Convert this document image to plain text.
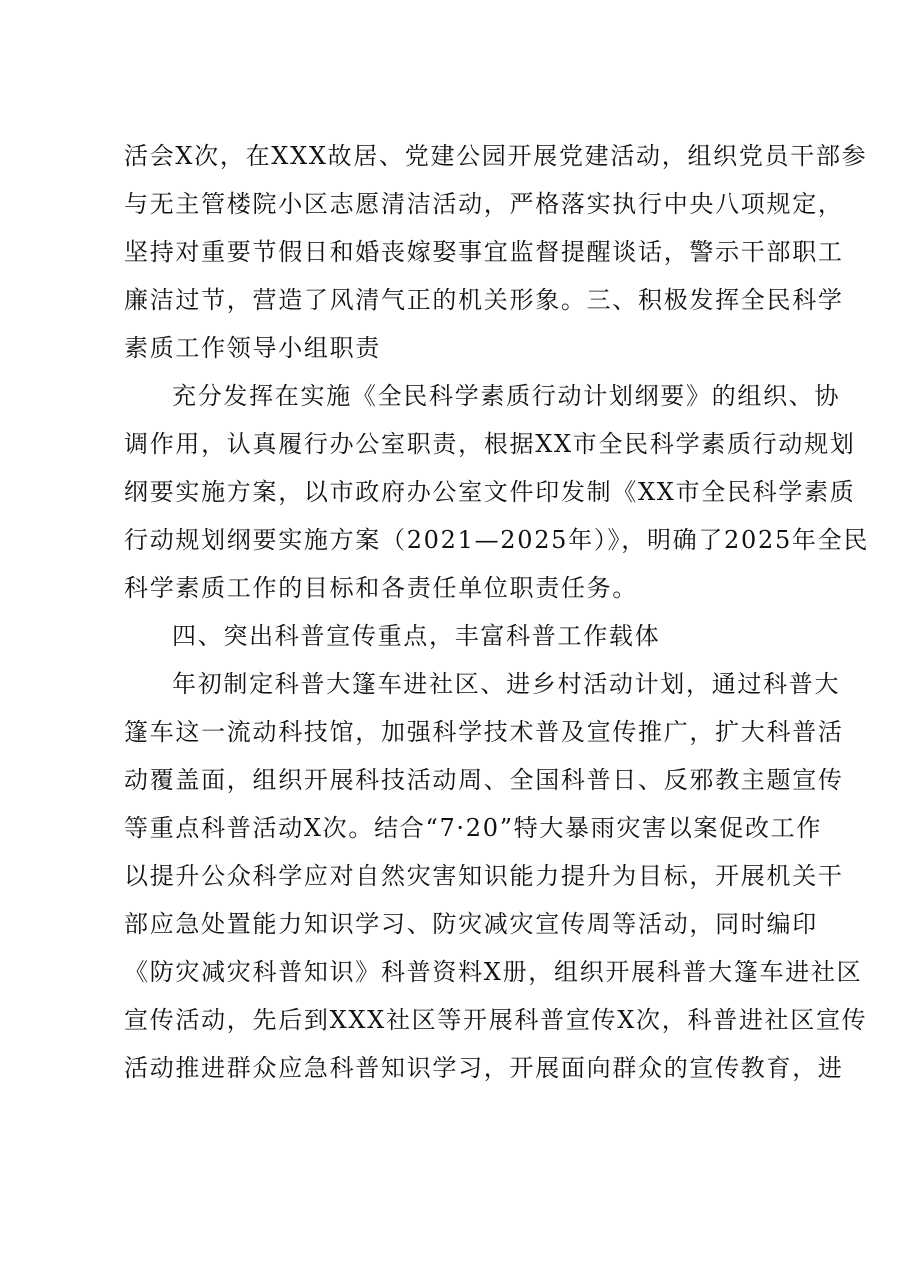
活会X次，在XXX故居、党建公园开展党建活动，组织党员干部参
与无主管楼院小区志愿清洁活动，严格落实执行中央八项规定，
坚持对重要节假日和婚丧嫁娶事宜监督提醒谈话，警示干部职工
廉洁过节，营造了风清气正的机关形象。三、积极发挥全民科学
素质工作领导小组职责
充分发挥在实施《全民科学素质行动计划纲要》的组织、协
调作用，认真履行办公室职责，根据XX市全民科学素质行动规划
纲要实施方案，以市政府办公室文件印发制《XX市全民科学素质
行动规划纲要实施方案（2021—2025年）》，明确了2025年全民
科学素质工作的目标和各责任单位职责任务。
四、突出科普宣传重点，丰富科普工作载体
年初制定科普大篷车进社区、进乡村活动计划，通过科普大
篷车这一流动科技馆，加强科学技术普及宣传推广，扩大科普活
动覆盖面，组织开展科技活动周、全国科普日、反邪教主题宣传
等重点科普活动X次。结合“7·20”特大暴雨灾害以案促改工作
以提升公众科学应对自然灾害知识能力提升为目标，开展机关干
部应急处置能力知识学习、防灾减灾宣传周等活动，同时编印
《防灾减灾科普知识》科普资料X册，组织开展科普大篷车进社区
宣传活动，先后到XXX社区等开展科普宣传X次，科普进社区宣传
活动推进群众应急科普知识学习，开展面向群众的宣传教育，进
